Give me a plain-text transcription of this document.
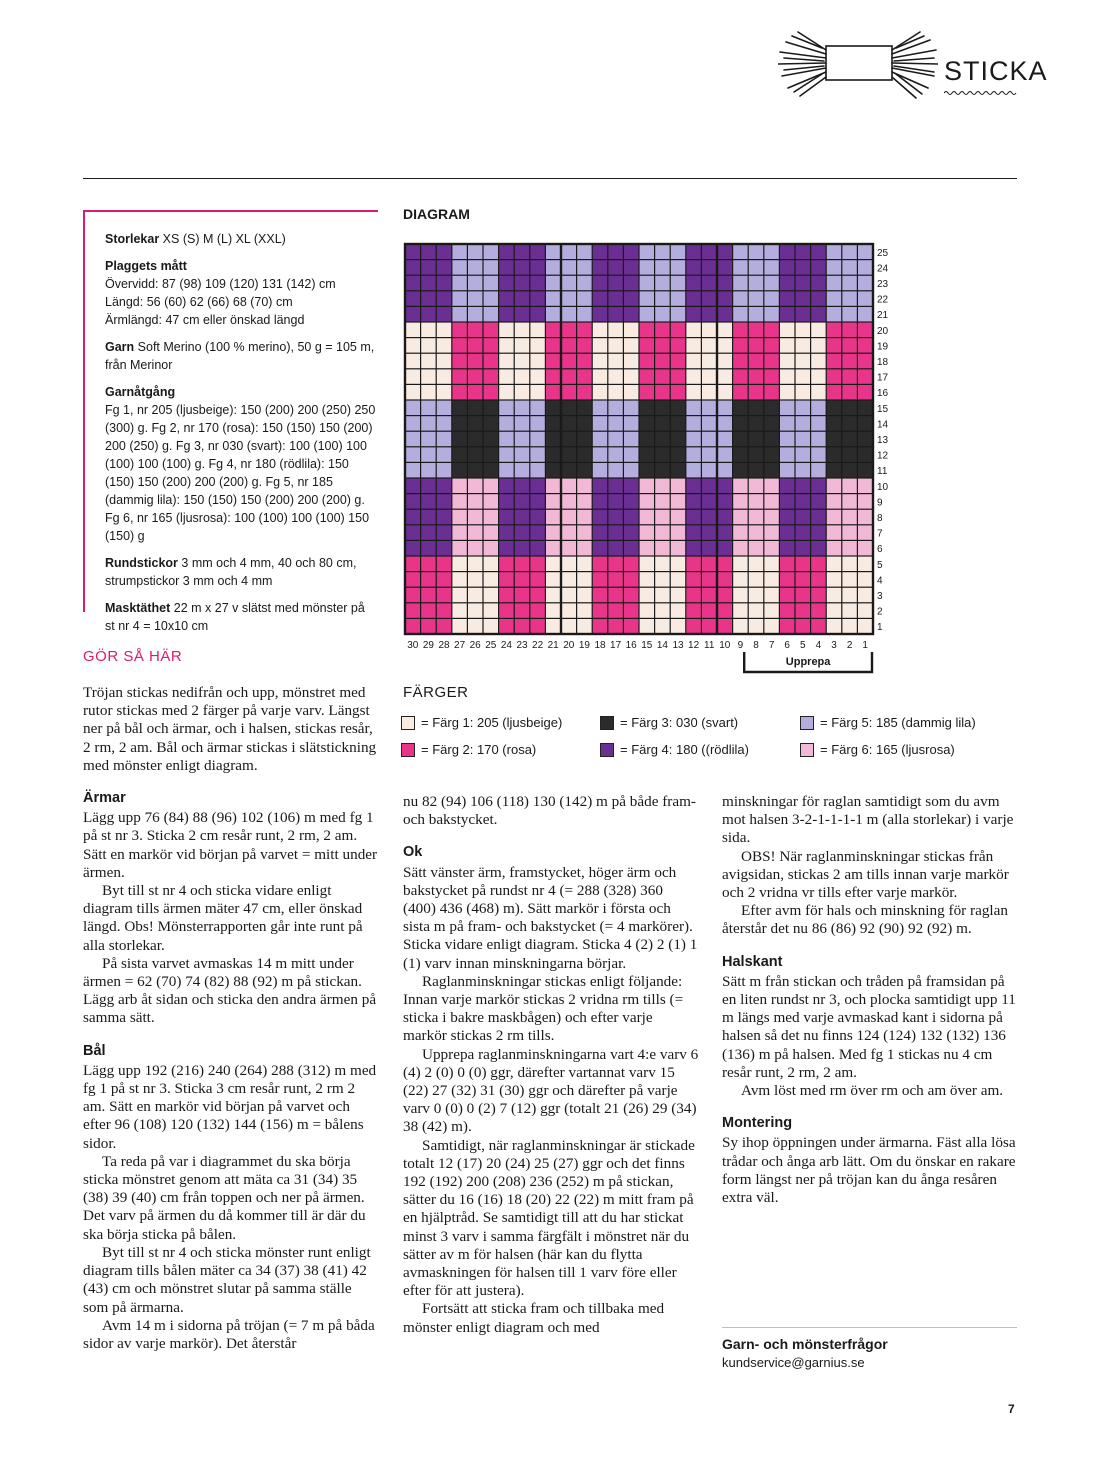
STICKA

Storlekar XS (S) M (L) XL (XXL)

Plaggets mått
Övervidd: 87 (98) 109 (120) 131 (142) cm
Längd: 56 (60) 62 (66) 68 (70) cm
Ärmlängd: 47 cm eller önskad längd

Garn Soft Merino (100 % merino), 50 g = 105 m, från Merinor

Garnåtgång
Fg 1, nr 205 (ljusbeige): 150 (200) 200 (250) 250 (300) g. Fg 2, nr 170 (rosa): 150 (150) 150 (200) 200 (250) g. Fg 3, nr 030 (svart): 100 (100) 100 (100) 100 (100) g. Fg 4, nr 180 (rödlila): 150 (150) 150 (200) 200 (200) g. Fg 5, nr 185 (dammig lila): 150 (150) 150 (200) 200 (200) g. Fg 6, nr 165 (ljusrosa): 100 (100) 100 (100) 150 (150) g

Rundstickor 3 mm och 4 mm, 40 och 80 cm, strumpstickor 3 mm och 4 mm

Masktäthet 22 m x 27 v slätst med mönster på st nr 4 = 10x10 cm

GÖR SÅ HÄR

Tröjan stickas nedifrån och upp, mönstret med rutor stickas med 2 färger på varje varv. Längst ner på bål och ärmar, och i halsen, stickas resår, 2 rm, 2 am. Bål och ärmar stickas i slätstickning med mönster enligt diagram.

Ärmar

Lägg upp 76 (84) 88 (96) 102 (106) m med fg 1 på st nr 3. Sticka 2 cm resår runt, 2 rm, 2 am. Sätt en markör vid början på varvet = mitt under ärmen.

Byt till st nr 4 och sticka vidare enligt diagram tills ärmen mäter 47 cm, eller önskad längd. Obs! Mönsterrapporten går inte runt på alla storlekar.

På sista varvet avmaskas 14 m mitt under ärmen = 62 (70) 74 (82) 88 (92) m på stickan. Lägg arb åt sidan och sticka den andra ärmen på samma sätt.

Bål

Lägg upp 192 (216) 240 (264) 288 (312) m med fg 1 på st nr 3. Sticka 3 cm resår runt, 2 rm 2 am. Sätt en markör vid början på varvet och efter 96 (108) 120 (132) 144 (156) m = bålens sidor.

Ta reda på var i diagrammet du ska börja sticka mönstret genom att mäta ca 31 (34) 35 (38) 39 (40) cm från toppen och ner på ärmen. Det varv på ärmen du då kommer till är där du ska börja sticka på bålen.

Byt till st nr 4 och sticka mönster runt enligt diagram tills bålen mäter ca 34 (37) 38 (41) 42 (43) cm och mönstret slutar på samma ställe som på ärmarna.

Avm 14 m i sidorna på tröjan (= 7 m på båda sidor av varje markör). Det återstår

DIAGRAM
30 29 28 27 26 25 24 23 22 21 20 19 18 17 16 15 14 13 12 11 10 9 8 7 6 5 4 3 2 1
1
2
3
4
5
6
7
8
9
10
11
12
13
14
15
16
17
18
19
20
21
22
23
24
25
Upprepa
FÄRGER
= Färg 1: 205 (ljusbeige)
= Färg 2: 170 (rosa)
= Färg 3: 030 (svart)
= Färg 4: 180 ((rödlila)
= Färg 5: 185 (dammig lila)
= Färg 6: 165 (ljusrosa)

nu 82 (94) 106 (118) 130 (142) m på både fram- och bakstycket.

Ok

Sätt vänster ärm, framstycket, höger ärm och bakstycket på rundst nr 4 (= 288 (328) 360 (400) 436 (468) m). Sätt markör i första och sista m på fram- och bakstycket (= 4 markörer). Sticka vidare enligt diagram. Sticka 4 (2) 2 (1) 1 (1) varv innan minskningarna börjar.

Raglanminskningar stickas enligt följande: Innan varje markör stickas 2 vridna rm tills (= sticka i bakre maskbågen) och efter varje markör stickas 2 rm tills.

Upprepa raglanminskningarna vart 4:e varv 6 (4) 2 (0) 0 (0) ggr, därefter vartannat varv 15 (22) 27 (32) 31 (30) ggr och därefter på varje varv 0 (0) 0 (2) 7 (12) ggr (totalt 21 (26) 29 (34) 38 (42) m).

Samtidigt, när raglanminskningar är stickade totalt 12 (17) 20 (24) 25 (27) ggr och det finns 192 (192) 200 (208) 236 (252) m på stickan, sätter du 16 (16) 18 (20) 22 (22) m mitt fram på en hjälptråd. Se samtidigt till att du har stickat minst 3 varv i samma färgfält i mönstret när du sätter av m för halsen (här kan du flytta avmaskningen för halsen till 1 varv före eller efter för att justera).

Fortsätt att sticka fram och tillbaka med mönster enligt diagram och med

minskningar för raglan samtidigt som du avm mot halsen 3-2-1-1-1-1 m (alla storlekar) i varje sida.

OBS! När raglanminskningar stickas från avigsidan, stickas 2 am tills innan varje markör och 2 vridna vr tills efter varje markör.

Efter avm för hals och minskning för raglan återstår det nu 86 (86) 92 (90) 92 (92) m.

Halskant

Sätt m från stickan och tråden på framsidan på en liten rundst nr 3, och plocka samtidigt upp 11 m längs med varje avmaskad kant i sidorna på halsen så det nu finns 124 (124) 132 (132) 136 (136) m på halsen. Med fg 1 stickas nu 4 cm resår runt, 2 rm, 2 am.

Avm löst med rm över rm och am över am.

Montering

Sy ihop öppningen under ärmarna. Fäst alla lösa trådar och ånga arb lätt. Om du önskar en rakare form längst ner på tröjan kan du ånga resåren extra väl.

Garn- och mönsterfrågor
kundservice@garnius.se
7
